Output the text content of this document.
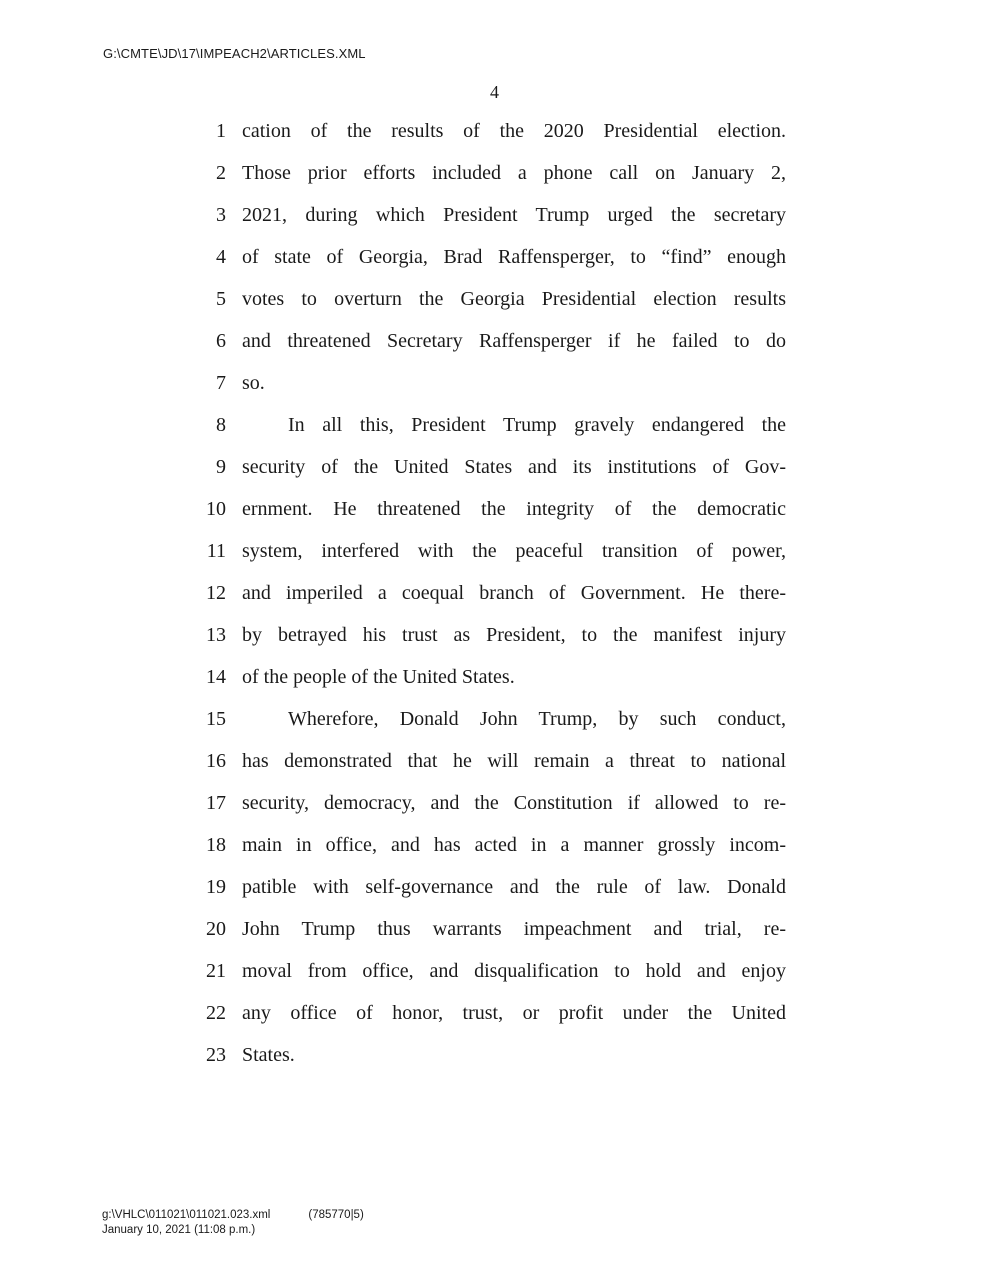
G:\CMTE\JD\17\IMPEACH2\ARTICLES.XML
4
1 cation of the results of the 2020 Presidential election.
2 Those prior efforts included a phone call on January 2,
3 2021, during which President Trump urged the secretary
4 of state of Georgia, Brad Raffensperger, to “find” enough
5 votes to overturn the Georgia Presidential election results
6 and threatened Secretary Raffensperger if he failed to do
7 so.
8	In all this, President Trump gravely endangered the
9 security of the United States and its institutions of Gov-
10 ernment. He threatened the integrity of the democratic
11 system, interfered with the peaceful transition of power,
12 and imperiled a coequal branch of Government. He there-
13 by betrayed his trust as President, to the manifest injury
14 of the people of the United States.
15	Wherefore, Donald John Trump, by such conduct,
16 has demonstrated that he will remain a threat to national
17 security, democracy, and the Constitution if allowed to re-
18 main in office, and has acted in a manner grossly incom-
19 patible with self-governance and the rule of law. Donald
20 John Trump thus warrants impeachment and trial, re-
21 moval from office, and disqualification to hold and enjoy
22 any office of honor, trust, or profit under the United
23 States.
g:\VHLC\011021\011021.023.xml	(785770|5)
January 10, 2021 (11:08 p.m.)
